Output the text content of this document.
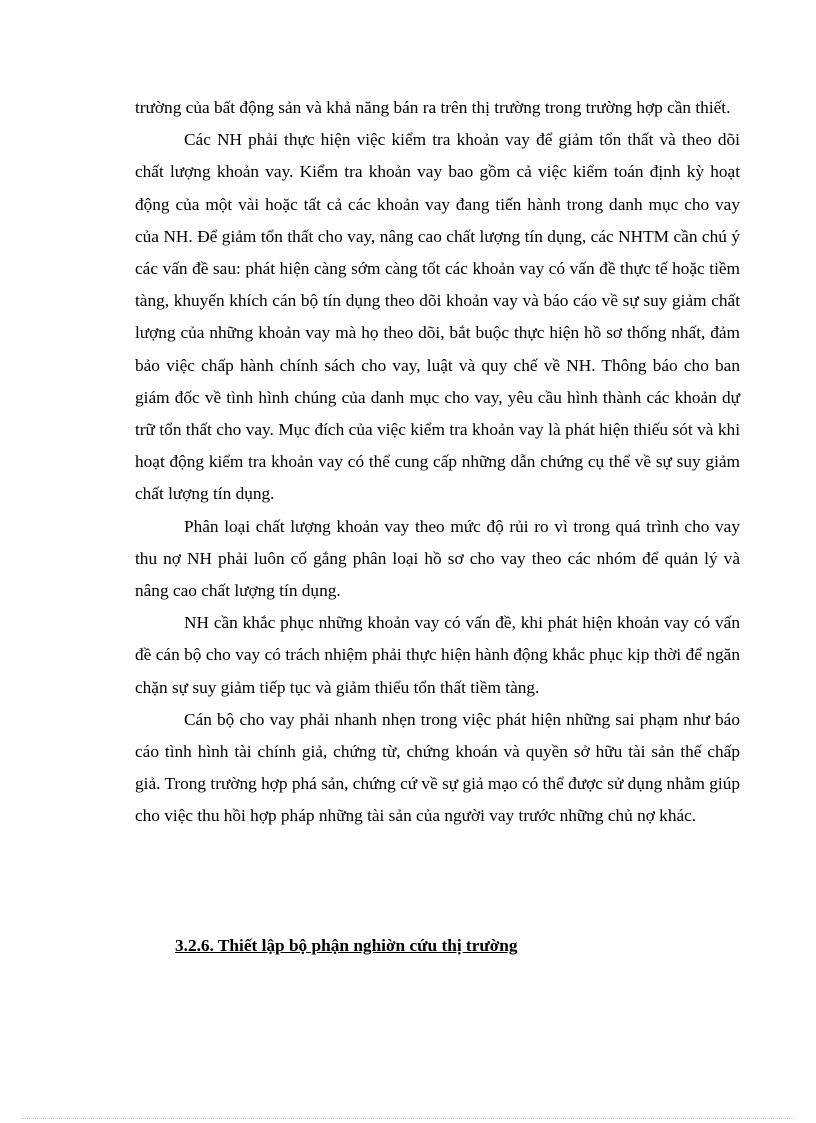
trường của bất động sản và khả năng bán ra trên thị trường trong trường hợp cần thiết.

Các NH phải thực hiện việc kiểm tra khoản vay để giảm tổn thất và theo dõi chất lượng khoản vay. Kiểm tra khoản vay bao gồm cả việc kiểm toán định kỳ hoạt động của một vài hoặc tất cả các khoản vay đang tiến hành trong danh mục cho vay của NH. Để giảm tổn thất cho vay, nâng cao chất lượng tín dụng, các NHTM cần chú ý các vấn đề sau: phát hiện càng sớm càng tốt các khoản vay có vấn đề thực tế hoặc tiềm tàng, khuyến khích cán bộ tín dụng theo dõi khoản vay và báo cáo về sự suy giảm chất lượng của những khoản vay mà họ theo dõi, bắt buộc thực hiện hồ sơ thống nhất, đảm bảo việc chấp hành chính sách cho vay, luật và quy chế về NH. Thông báo cho ban giám đốc về tình hình chúng của danh mục cho vay, yêu cầu hình thành các khoản dự trữ tổn thất cho vay. Mục đích của việc kiểm tra khoản vay là phát hiện thiếu sót và khi hoạt động kiểm tra khoản vay có thể cung cấp những dẫn chứng cụ thể về sự suy giảm chất lượng tín dụng.

Phân loại chất lượng khoản vay theo mức độ rủi ro vì trong quá trình cho vay thu nợ NH phải luôn cố gắng phân loại hồ sơ cho vay theo các nhóm để quản lý và nâng cao chất lượng tín dụng.

NH cần khắc phục những khoản vay có vấn đề, khi phát hiện khoản vay có vấn đề cán bộ cho vay có trách nhiệm phải thực hiện hành động khắc phục kịp thời để ngăn chặn sự suy giảm tiếp tục và giảm thiểu tổn thất tiềm tàng.

Cán bộ cho vay phải nhanh nhẹn trong việc phát hiện những sai phạm như báo cáo tình hình tài chính giả, chứng từ, chứng khoán và quyền sở hữu tài sản thế chấp giả. Trong trường hợp phá sản, chứng cứ về sự giả mạo có thể được sử dụng nhằm giúp cho việc thu hồi hợp pháp những tài sản của người vay trước những chủ nợ khác.

3.2.6. Thiết lập bộ phận nghiờn cứu thị trường
